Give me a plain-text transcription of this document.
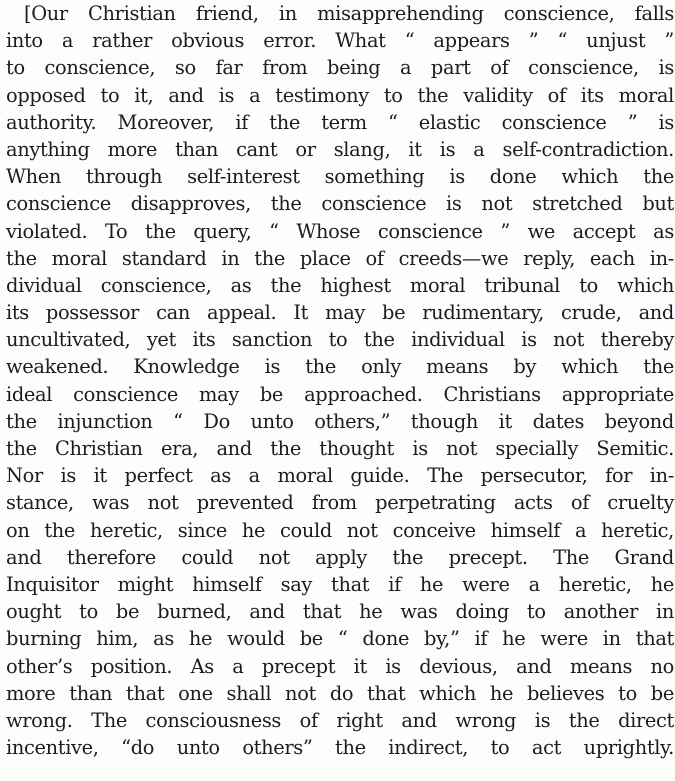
[Our Christian friend, in misapprehending conscience, falls
into a rather obvious error. What “ appears ” “ unjust ”
to conscience, so far from being a part of conscience, is
opposed to it, and is a testimony to the validity of its moral
authority. Moreover, if the term “ elastic conscience ” is
anything more than cant or slang, it is a self-contradiction.
When through self-interest something is done which the
conscience disapproves, the conscience is not stretched but
violated. To the query, “ Whose conscience ” we accept as
the moral standard in the place of creeds—we reply, each in-
dividual conscience, as the highest moral tribunal to which
its possessor can appeal. It may be rudimentary, crude, and
uncultivated, yet its sanction to the individual is not thereby
weakened. Knowledge is the only means by which the
ideal conscience may be approached. Christians appropriate
the injunction “ Do unto others,” though it dates beyond
the Christian era, and the thought is not specially Semitic.
Nor is it perfect as a moral guide. The persecutor, for in-
stance, was not prevented from perpetrating acts of cruelty
on the heretic, since he could not conceive himself a heretic,
and therefore could not apply the precept. The Grand
Inquisitor might himself say that if he were a heretic, he
ought to be burned, and that he was doing to another in
burning him, as he would be “ done by,” if he were in that
other’s position. As a precept it is devious, and means no
more than that one shall not do that which he believes to be
wrong. The consciousness of right and wrong is the direct
incentive, “do unto others” the indirect, to act uprightly.
